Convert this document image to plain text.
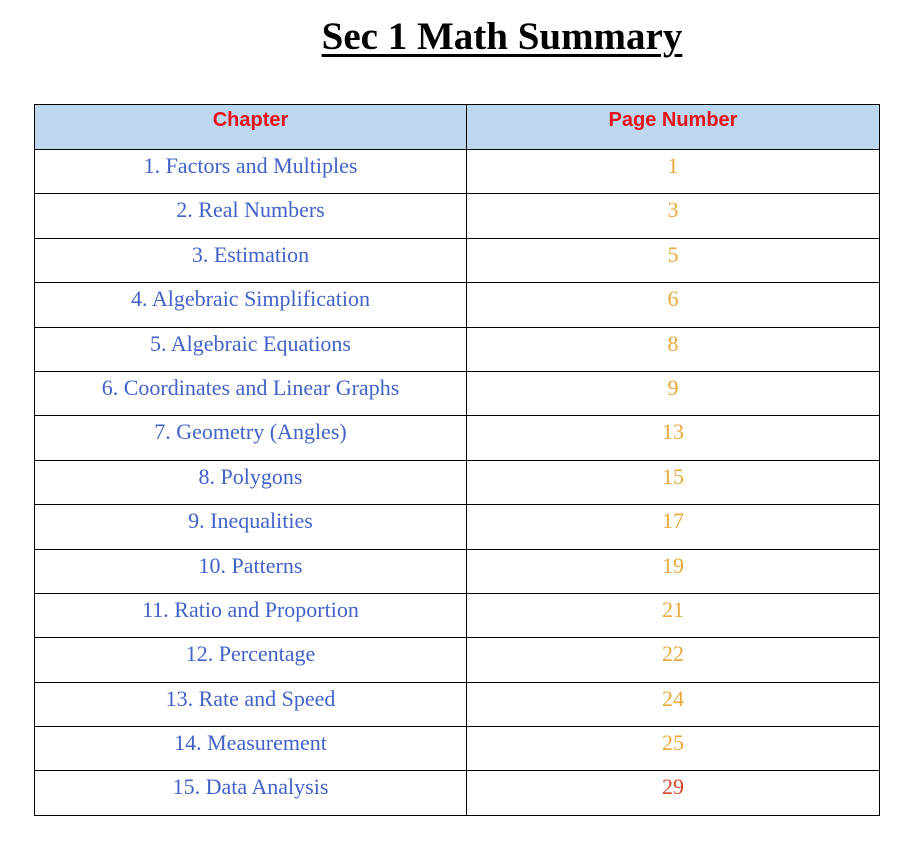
Sec 1 Math Summary
Chapter	Page Number
1. Factors and Multiples	1
2. Real Numbers	3
3. Estimation	5
4. Algebraic Simplification	6
5. Algebraic Equations	8
6. Coordinates and Linear Graphs	9
7. Geometry (Angles)	13
8. Polygons	15
9. Inequalities	17
10. Patterns	19
11. Ratio and Proportion	21
12. Percentage	22
13. Rate and Speed	24
14. Measurement	25
15. Data Analysis	29
